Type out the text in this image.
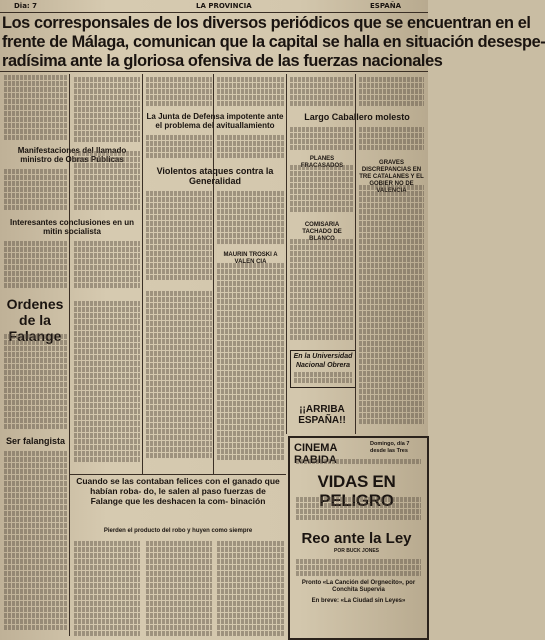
Dia: 7	LA PROVINCIA	ESPAÑA
Los corresponsales de los diversos periódicos que se encuentran en el
frente de Málaga, comunican que la capital se halla en situación desespe-
radísima ante la gloriosa ofensiva de las fuerzas nacionales
Manifestaciones del llamado ministro de Obras Públicas
Interesantes conclusiones en un mitin socialista
Ordenes de la Falange
Ser falangista
La Junta de Defensa impotente ante el problema del avituallamiento
Violentos ataques contra la Generalidad
MAURIN TROSKI A VALEN CIA
Largo Caballero molesto
PLANES FRACASADOS
COMISARIA TACHADO DE BLANCO
GRAVES DISCREPANCIAS EN TRE CATALANES Y EL GOBIER NO DE VALENCIA
En la Universidad
Nacional Obrera
¡¡ARRIBA ESPAÑA!!
Cuando se las contaban felices con el ganado que habían roba- do, le salen al paso fuerzas de Falange que les deshacen la com- binación
Pierden el producto del robo y huyen como siempre
CINEMA RABIDA
Domingo, día 7 desde las Tres
VIDAS EN PELIGRO
Reo ante la Ley
POR BUCK JONES
Pronto «La Canción del Orgnecito», por Conchita Supervia
En breve: «La Ciudad sin Leyes»
